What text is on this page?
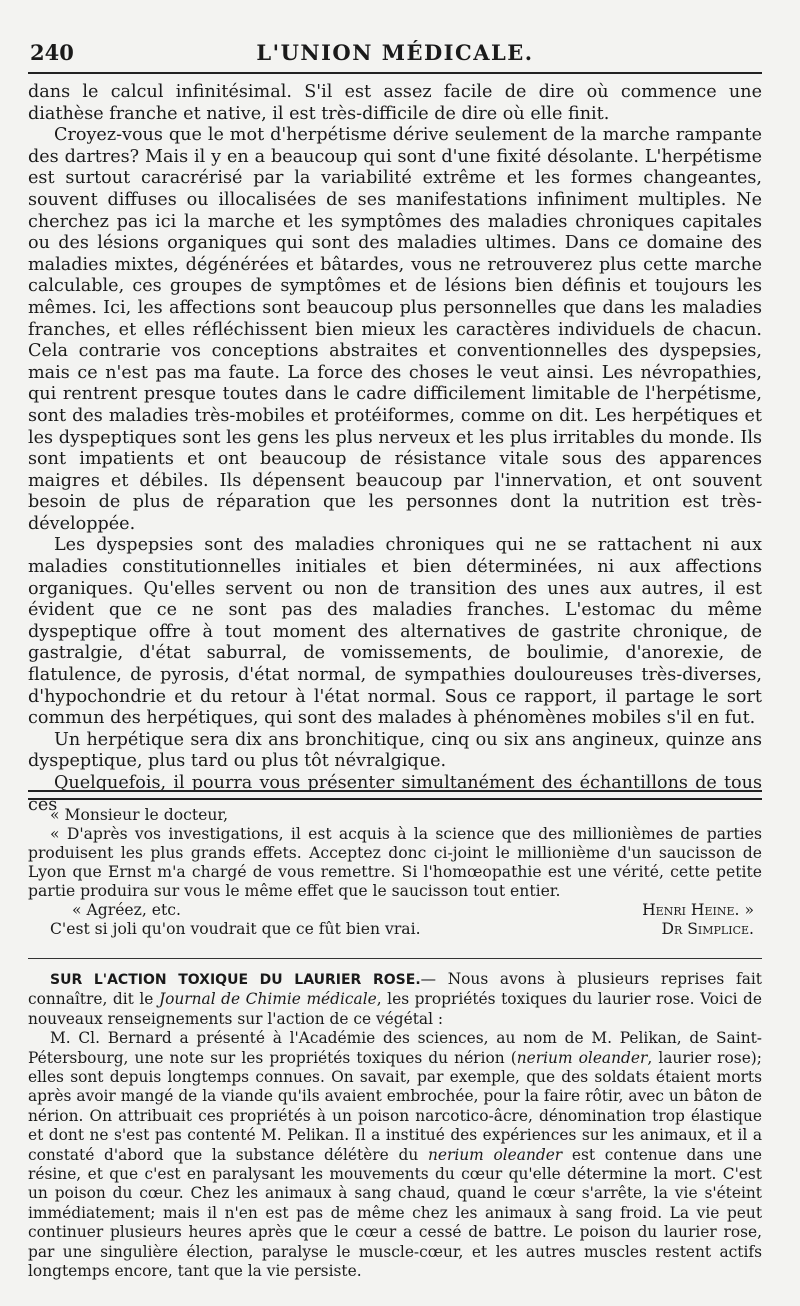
240	L'UNION MÉDICALE.

dans le calcul infinitésimal. S'il est assez facile de dire où commence une diathèse franche et native, il est très-difficile de dire où elle finit.

Croyez-vous que le mot d'herpétisme dérive seulement de la marche rampante des dartres? Mais il y en a beaucoup qui sont d'une fixité désolante. L'herpétisme est surtout caracrérisé par la variabilité extrême et les formes changeantes, souvent diffuses ou illocalisées de ses manifestations infiniment multiples. Ne cherchez pas ici la marche et les symptômes des maladies chroniques capitales ou des lésions organiques qui sont des maladies ultimes. Dans ce domaine des maladies mixtes, dégénérées et bâtardes, vous ne retrouverez plus cette marche calculable, ces groupes de symptômes et de lésions bien définis et toujours les mêmes. Ici, les affections sont beaucoup plus personnelles que dans les maladies franches, et elles réfléchissent bien mieux les caractères individuels de chacun. Cela contrarie vos conceptions abstraites et conventionnelles des dyspepsies, mais ce n'est pas ma faute. La force des choses le veut ainsi. Les névropathies, qui rentrent presque toutes dans le cadre difficilement limitable de l'herpétisme, sont des maladies très-mobiles et protéiformes, comme on dit. Les herpétiques et les dyspeptiques sont les gens les plus nerveux et les plus irritables du monde. Ils sont impatients et ont beaucoup de résistance vitale sous des apparences maigres et débiles. Ils dépensent beaucoup par l'innervation, et ont souvent besoin de plus de réparation que les personnes dont la nutrition est très-développée.

Les dyspepsies sont des maladies chroniques qui ne se rattachent ni aux maladies constitutionnelles initiales et bien déterminées, ni aux affections organiques. Qu'elles servent ou non de transition des unes aux autres, il est évident que ce ne sont pas des maladies franches. L'estomac du même dyspeptique offre à tout moment des alternatives de gastrite chronique, de gastralgie, d'état saburral, de vomissements, de boulimie, d'anorexie, de flatulence, de pyrosis, d'état normal, de sympathies douloureuses très-diverses, d'hypochondrie et du retour à l'état normal. Sous ce rapport, il partage le sort commun des herpétiques, qui sont des malades à phénomènes mobiles s'il en fut.

Un herpétique sera dix ans bronchitique, cinq ou six ans angineux, quinze ans dyspeptique, plus tard ou plus tôt névralgique.

Quelquefois, il pourra vous présenter simultanément des échantillons de tous ces

« Monsieur le docteur,

« D'après vos investigations, il est acquis à la science que des millionièmes de parties produisent les plus grands effets. Acceptez donc ci-joint le millionième d'un saucisson de Lyon que Ernst m'a chargé de vous remettre. Si l'homœopathie est une vérité, cette petite partie produira sur vous le même effet que le saucisson tout entier.

« Agréez, etc.	Henri Heine. »
C'est si joli qu'on voudrait que ce fût bien vrai.	Dr Simplice.

SUR L'ACTION TOXIQUE DU LAURIER ROSE.— Nous avons à plusieurs reprises fait connaître, dit le Journal de Chimie médicale, les propriétés toxiques du laurier rose. Voici de nouveaux renseignements sur l'action de ce végétal :

M. Cl. Bernard a présenté à l'Académie des sciences, au nom de M. Pelikan, de Saint-Pétersbourg, une note sur les propriétés toxiques du nérion (nerium oleander, laurier rose); elles sont depuis longtemps connues. On savait, par exemple, que des soldats étaient morts après avoir mangé de la viande qu'ils avaient embrochée, pour la faire rôtir, avec un bâton de nérion. On attribuait ces propriétés à un poison narcotico-âcre, dénomination trop élastique et dont ne s'est pas contenté M. Pelikan. Il a institué des expériences sur les animaux, et il a constaté d'abord que la substance délétère du nerium oleander est contenue dans une résine, et que c'est en paralysant les mouvements du cœur qu'elle détermine la mort. C'est un poison du cœur. Chez les animaux à sang chaud, quand le cœur s'arrête, la vie s'éteint immédiatement; mais il n'en est pas de même chez les animaux à sang froid. La vie peut continuer plusieurs heures après que le cœur a cessé de battre. Le poison du laurier rose, par une singulière élection, paralyse le muscle-cœur, et les autres muscles restent actifs longtemps encore, tant que la vie persiste.
